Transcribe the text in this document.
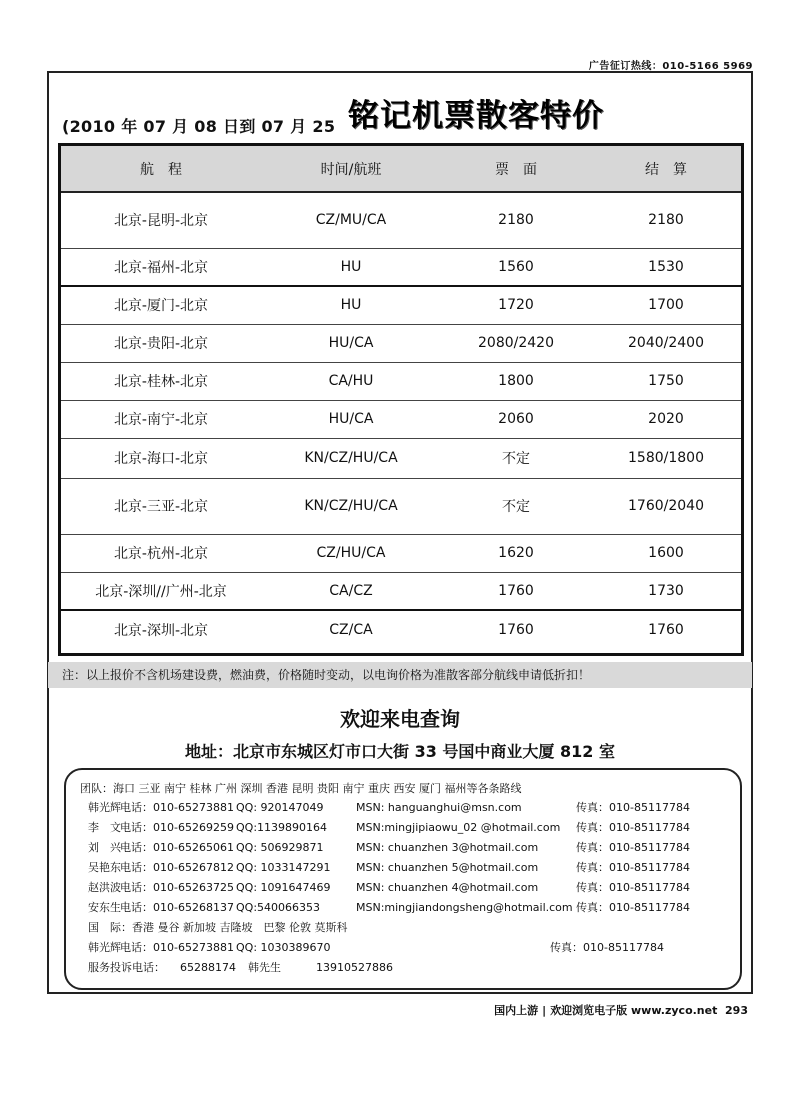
广告征订热线：010-5166 5969
(2010 年 07 月 08 日到 07 月 25 铭记机票散客特价
航　程	时间/航班	票　面	结　算
北京-昆明-北京	CZ/MU/CA	2180	2180
北京-福州-北京	HU	1560	1530
北京-厦门-北京	HU	1720	1700
北京-贵阳-北京	HU/CA	2080/2420	2040/2400
北京-桂林-北京	CA/HU	1800	1750
北京-南宁-北京	HU/CA	2060	2020
北京-海口-北京	KN/CZ/HU/CA	不定	1580/1800
北京-三亚-北京	KN/CZ/HU/CA	不定	1760/2040
北京-杭州-北京	CZ/HU/CA	1620	1600
北京-深圳//广州-北京	CA/CZ	1760	1730
北京-深圳-北京	CZ/CA	1760	1760
注：以上报价不含机场建设费，燃油费，价格随时变动，以电询价格为准散客部分航线申请低折扣！
欢迎来电查询
地址：北京市东城区灯市口大街 33 号国中商业大厦 812 室
团队：海口 三亚 南宁 桂林 广州 深圳 香港 昆明 贵阳 南宁 重庆 西安 厦门 福州等各条路线
韩光辉 电话：010-65273881 QQ: 920147049	MSN: hanguanghui@msn.com	传真：010-85117784
李　文 电话：010-65269259 QQ:1139890164	MSN:mingjipiaowu_02 @hotmail.com 传真：010-85117784
刘　兴 电话：010-65265061 QQ: 506929871	MSN: chuanzhen 3@hotmail.com	传真：010-85117784
吴艳东 电话：010-65267812 QQ: 1033147291 MSN: chuanzhen 5@hotmail.com	传真：010-85117784
赵洪波 电话：010-65263725 QQ: 1091647469 MSN: chuanzhen 4@hotmail.com	传真：010-85117784
安东生 电话：010-65268137 QQ:540066353	MSN:mingjiandongsheng@hotmail.com 传真：010-85117784
国　际：香港 曼谷 新加坡 吉隆坡　巴黎 伦敦 莫斯科
韩光辉 电话：010-65273881 QQ: 1030389670	传真：010-85117784
服务投诉电话： 65288174 韩先生	13910527886
国内上游 | 欢迎浏览电子版 www.zyco.net 293
